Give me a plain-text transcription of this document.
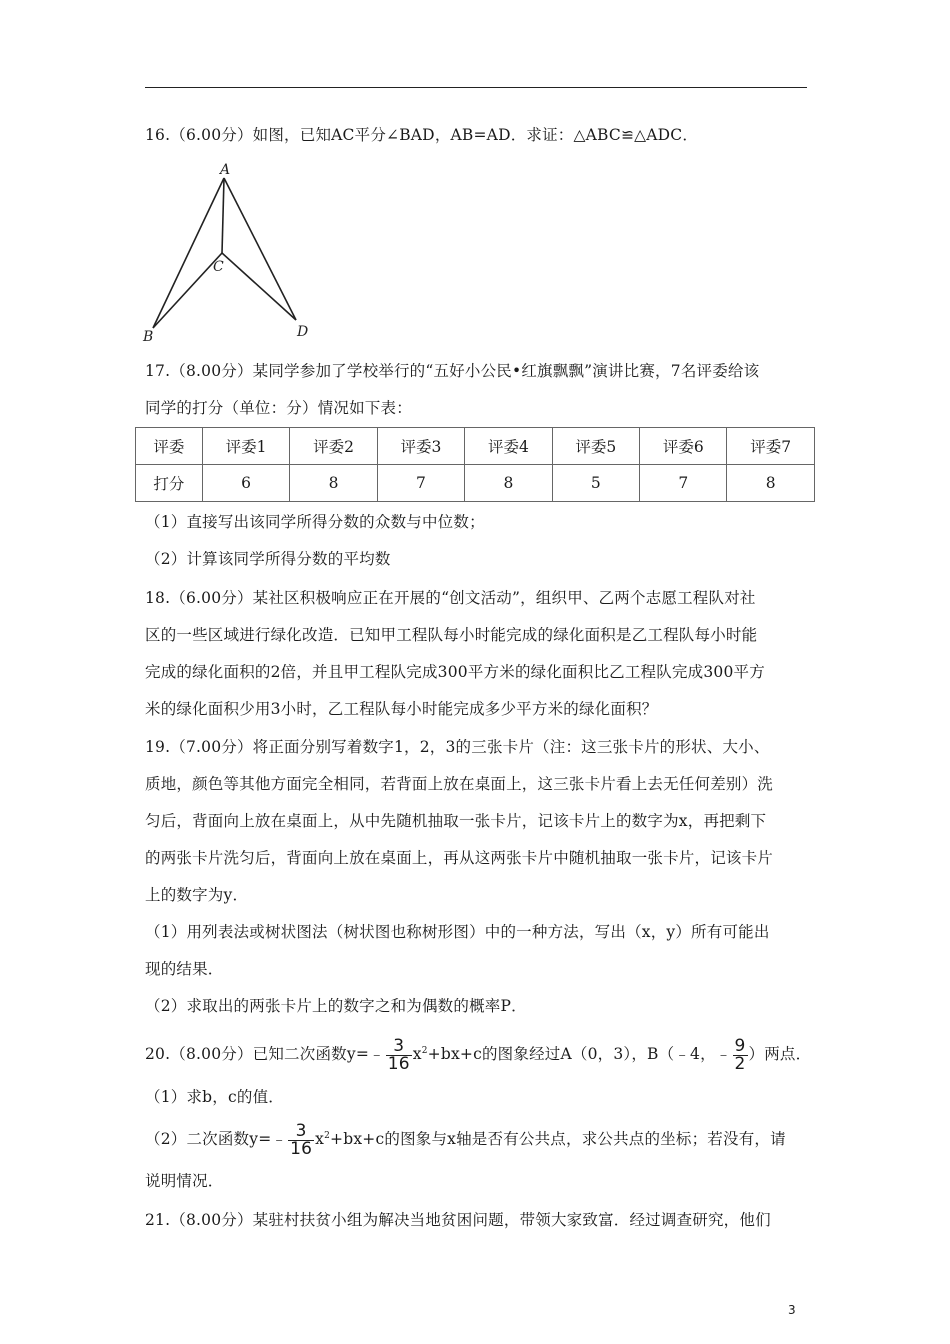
16.（6.00分）如图，已知AC平分∠BAD，AB=AD．求证：△ABC≌△ADC．
A
B
C
D
17.（8.00分）某同学参加了学校举行的“五好小公民•红旗飘飘”演讲比赛，7名评委给该
同学的打分（单位：分）情况如下表：
评委	评委1	评委2	评委3	评委4	评委5	评委6	评委7
打分	6	8	7	8	5	7	8
（1）直接写出该同学所得分数的众数与中位数；
（2）计算该同学所得分数的平均数
18.（6.00分）某社区积极响应正在开展的“创文活动”，组织甲、乙两个志愿工程队对社
区的一些区域进行绿化改造．已知甲工程队每小时能完成的绿化面积是乙工程队每小时能
完成的绿化面积的2倍，并且甲工程队完成300平方米的绿化面积比乙工程队完成300平方
米的绿化面积少用3小时，乙工程队每小时能完成多少平方米的绿化面积？
19.（7.00分）将正面分别写着数字1，2，3的三张卡片（注：这三张卡片的形状、大小、
质地，颜色等其他方面完全相同，若背面上放在桌面上，这三张卡片看上去无任何差别）洗
匀后，背面向上放在桌面上，从中先随机抽取一张卡片，记该卡片上的数字为x，再把剩下
的两张卡片洗匀后，背面向上放在桌面上，再从这两张卡片中随机抽取一张卡片，记该卡片
上的数字为y．
（1）用列表法或树状图法（树状图也称树形图）中的一种方法，写出（x，y）所有可能出
现的结果．
（2）求取出的两张卡片上的数字之和为偶数的概率P．
20.（8.00分）已知二次函数y=﹣ $\frac{3}{16} x^2+bx+c$的图象经过A（0，3），B（﹣4，﹣ $\frac{9}{2}$ ）两点．
（1）求b，c的值．
（2）二次函数y=﹣ $\frac{3}{16} x^2+bx+c$的图象与x轴是否有公共点，求公共点的坐标；若没有，请
说明情况．
21.（8.00分）某驻村扶贫小组为解决当地贫困问题，带领大家致富．经过调查研究，他们
3
